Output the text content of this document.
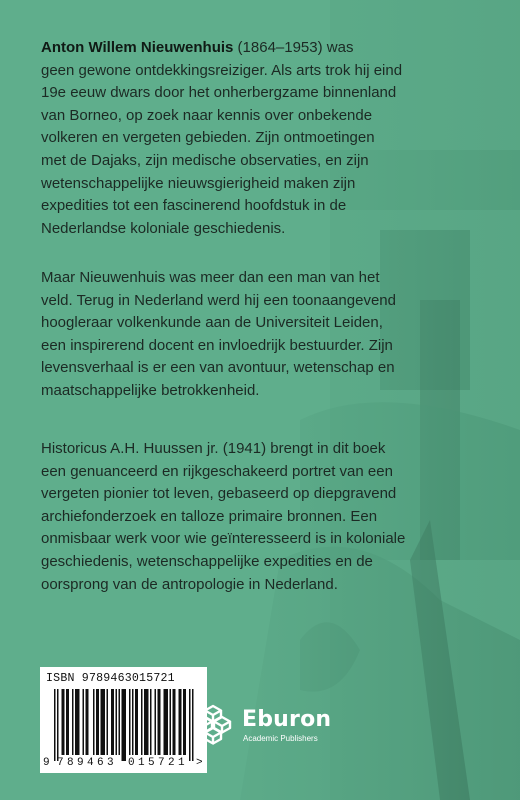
Anton Willem Nieuwenhuis (1864–1953) was
geen gewone ontdekkingsreiziger. Als arts trok hij eind
19e eeuw dwars door het onherbergzame binnenland
van Borneo, op zoek naar kennis over onbekende
volkeren en vergeten gebieden. Zijn ontmoetingen
met de Dajaks, zijn medische observaties, en zijn
wetenschappelijke nieuwsgierigheid maken zijn
expedities tot een fascinerend hoofdstuk in de
Nederlandse koloniale geschiedenis.
Maar Nieuwenhuis was meer dan een man van het
veld. Terug in Nederland werd hij een toonaangevend
hoogleraar volkenkunde aan de Universiteit Leiden,
een inspirerend docent en invloedrijk bestuurder. Zijn
levensverhaal is er een van avontuur, wetenschap en
maatschappelijke betrokkenheid.
Historicus A.H. Huussen jr. (1941) brengt in dit boek
een genuanceerd en rijkgeschakeerd portret van een
vergeten pionier tot leven, gebaseerd op diepgravend
archiefonderzoek en talloze primaire bronnen. Een
onmisbaar werk voor wie geïnteresseerd is in koloniale
geschiedenis, wetenschappelijke expedities en de
oorsprong van de antropologie in Nederland.
ISBN 9789463015721
9 789463 015721 >
Eburon
Academic Publishers
